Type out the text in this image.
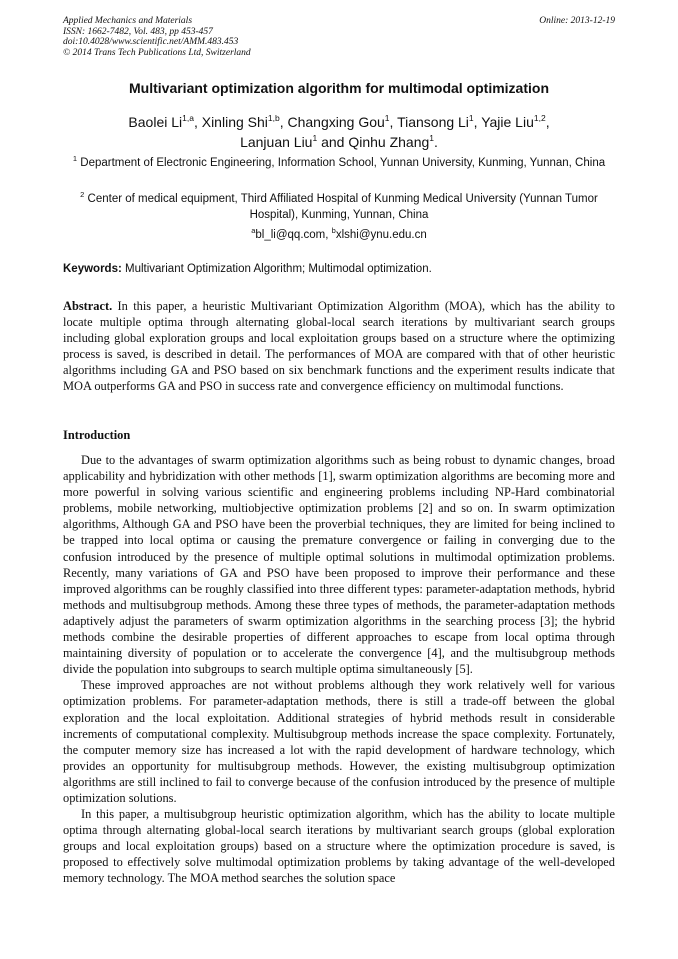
Applied Mechanics and Materials
ISSN: 1662-7482, Vol. 483, pp 453-457
doi:10.4028/www.scientific.net/AMM.483.453
© 2014 Trans Tech Publications Ltd, Switzerland
Online: 2013-12-19
Multivariant optimization algorithm for multimodal optimization
Baolei Li$^{1,a}$, Xinling Shi$^{1,b}$, Changxing Gou$^1$, Tiansong Li$^1$, Yajie Liu$^{1,2}$,
Lanjuan Liu$^1$ and Qinhu Zhang$^1$.
$^1$ Department of Electronic Engineering, Information School, Yunnan University, Kunming, Yunnan, China
$^2$ Center of medical equipment, Third Affiliated Hospital of Kunming Medical University (Yunnan Tumor Hospital), Kunming, Yunnan, China
$^a$bl_li@qq.com, $^b$xlshi@ynu.edu.cn
Keywords: Multivariant Optimization Algorithm; Multimodal optimization.
Abstract. In this paper, a heuristic Multivariant Optimization Algorithm (MOA), which has the ability to locate multiple optima through alternating global-local search iterations by multivariant search groups including global exploration groups and local exploitation groups based on a structure where the optimizing process is saved, is described in detail. The performances of MOA are compared with that of other heuristic algorithms including GA and PSO based on six benchmark functions and the experiment results indicate that MOA outperforms GA and PSO in success rate and convergence efficiency on multimodal functions.
Introduction

Due to the advantages of swarm optimization algorithms such as being robust to dynamic changes, broad applicability and hybridization with other methods [1], swarm optimization algorithms are becoming more and more powerful in solving various scientific and engineering problems including NP-Hard combinatorial problems, mobile networking, multiobjective optimization problems [2] and so on. In swarm optimization algorithms, Although GA and PSO have been the proverbial techniques, they are limited for being inclined to be trapped into local optima or causing the premature convergence or failing in converging due to the confusion introduced by the presence of multiple optimal solutions in multimodal optimization problems. Recently, many variations of GA and PSO have been proposed to improve their performance and these improved algorithms can be roughly classified into three different types: parameter-adaptation methods, hybrid methods and multisubgroup methods. Among these three types of methods, the parameter-adaptation methods adaptively adjust the parameters of swarm optimization algorithms in the searching process [3]; the hybrid methods combine the desirable properties of different approaches to escape from local optima through maintaining diversity of population or to accelerate the convergence [4], and the multisubgroup methods divide the population into subgroups to search multiple optima simultaneously [5].

These improved approaches are not without problems although they work relatively well for various optimization problems. For parameter-adaptation methods, there is still a trade-off between the global exploration and the local exploitation. Additional strategies of hybrid methods result in considerable increments of computational complexity. Multisubgroup methods increase the space complexity. Fortunately, the computer memory size has increased a lot with the rapid development of hardware technology, which provides an opportunity for multisubgroup methods. However, the existing multisubgroup optimization algorithms are still inclined to fail to converge because of the confusion introduced by the presence of multiple optimization solutions.

In this paper, a multisubgroup heuristic optimization algorithm, which has the ability to locate multiple optima through alternating global-local search iterations by multivariant search groups (global exploration groups and local exploitation groups) based on a structure where the optimization procedure is saved, is proposed to effectively solve multimodal optimization problems by taking advantage of the well-developed memory technology. The MOA method searches the solution space
